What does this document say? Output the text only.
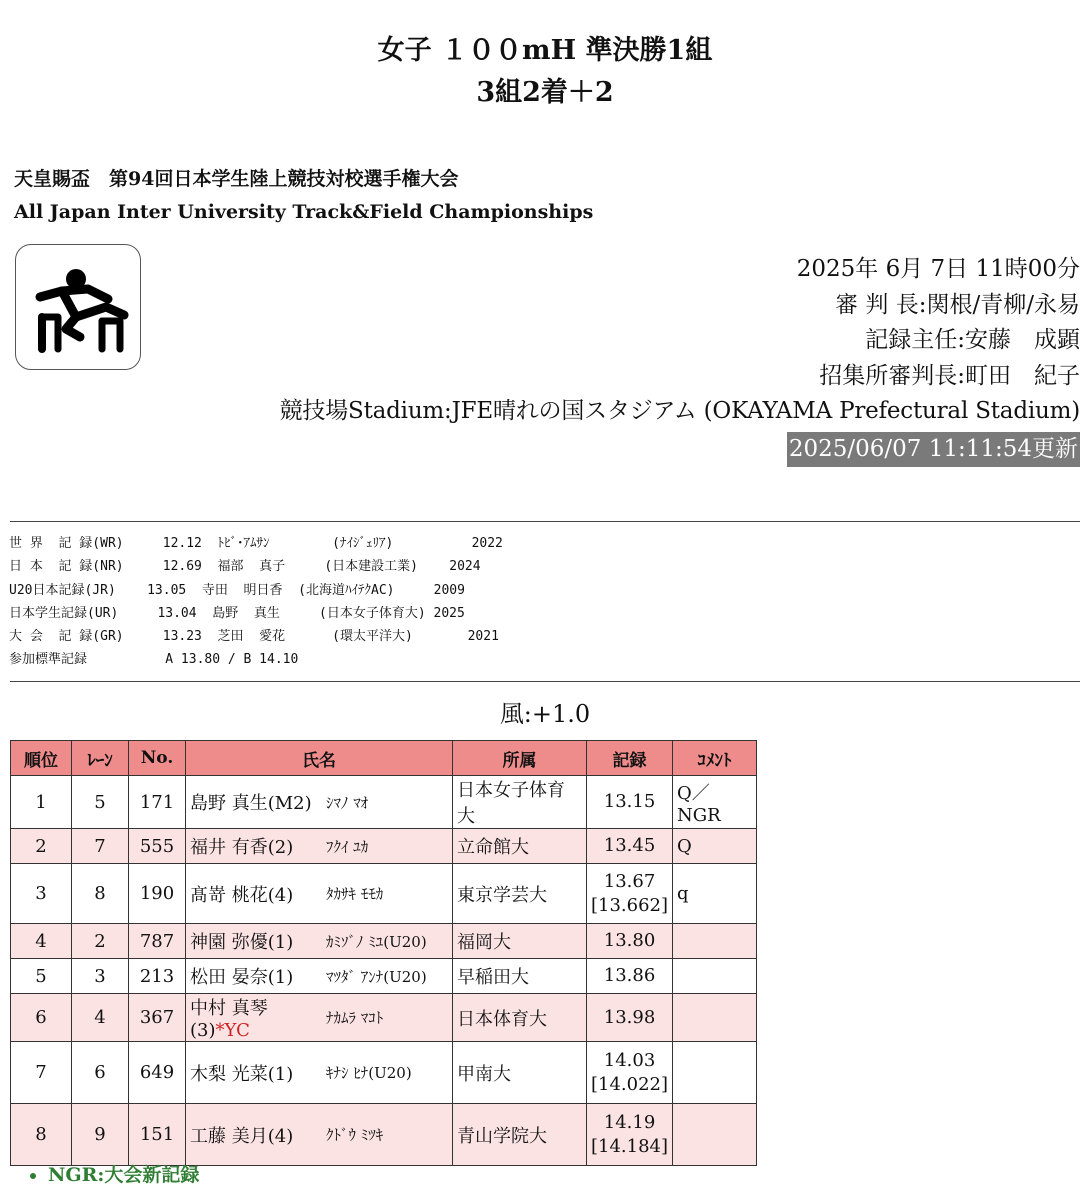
女子 １００mH 準決勝1組
3組2着＋2
天皇賜盃　第94回日本学生陸上競技対校選手権大会
All Japan Inter University Track&Field Championships
2025年 6月 7日 11時00分
審 判 長:関根/青柳/永易
記録主任:安藤　成顕
招集所審判長:町田　紀子
競技場Stadium:JFE晴れの国スタジアム (OKAYAMA Prefectural Stadium)
2025/06/07 11:11:54更新
世 界  記 録(WR)     12.12  ﾄﾋﾞ･ｱﾑｻﾝ        (ﾅｲｼﾞｪﾘｱ)          2022
日 本  記 録(NR)     12.69  福部  真子     (日本建設工業)    2024
U20日本記録(JR)    13.05  寺田  明日香  (北海道ﾊｲﾃｸAC)     2009
日本学生記録(UR)     13.04  島野  真生     (日本女子体育大) 2025
大 会  記 録(GR)     13.23  芝田  愛花      (環太平洋大)       2021
参加標準記録          A 13.80 / B 14.10
風:+1.0
順位	ﾚｰﾝ	No.	氏名		所属	記録	ｺﾒﾝﾄ
1	5	171	島野 真生(M2)	ｼﾏﾉ ﾏｵ	日本女子体育大	13.15	Q／NGR
2	7	555	福井 有香(2)	ﾌｸｲ ﾕｶ	立命館大	13.45	Q
3	8	190	髙嵜 桃花(4)	ﾀｶｻｷ ﾓﾓｶ	東京学芸大	13.67
[13.662]	q
4	2	787	神園 弥優(1)	ｶﾐｿﾞﾉ ﾐﾕ(U20)	福岡大	13.80	

5	3	213	松田 晏奈(1)	ﾏﾂﾀﾞ ｱﾝﾅ(U20)	早稲田大	13.86	

6	4	367	中村 真琴(3)*YC	ﾅｶﾑﾗ ﾏｺﾄ	日本体育大	13.98	

7	6	649	木梨 光菜(1)	ｷﾅｼ ﾋﾅ(U20)	甲南大	14.03
[14.022]	

8	9	151	工藤 美月(4)	ｸﾄﾞｳ ﾐﾂｷ	青山学院大	14.19
[14.184]	

• NGR:大会新記録
